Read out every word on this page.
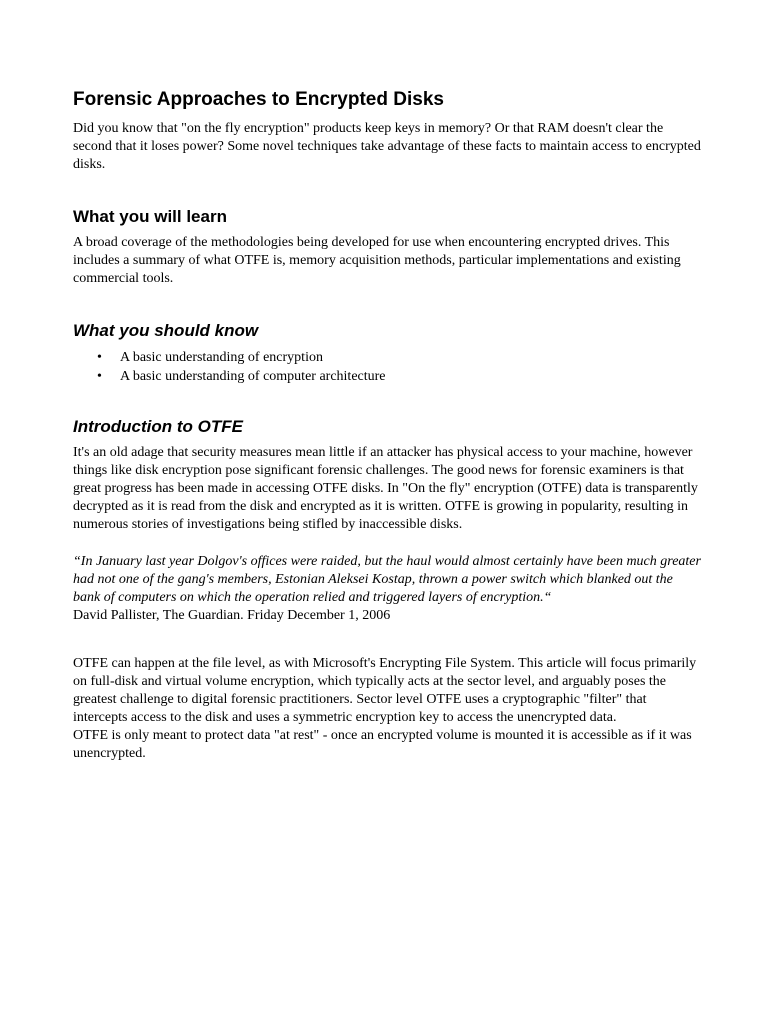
Forensic Approaches to Encrypted Disks

Did you know that "on the fly encryption" products keep keys in memory? Or that RAM doesn't clear the second that it loses power? Some novel techniques take advantage of these facts to maintain access to encrypted disks.

What you will learn

A broad coverage of the methodologies being developed for use when encountering encrypted drives. This includes a summary of what OTFE is, memory acquisition methods, particular implementations and existing commercial tools.

What you should know
• A basic understanding of encryption
• A basic understanding of computer architecture
Introduction to OTFE

It's an old adage that security measures mean little if an attacker has physical access to your machine, however things like disk encryption pose significant forensic challenges. The good news for forensic examiners is that great progress has been made in accessing OTFE disks. In "On the fly" encryption (OTFE) data is transparently decrypted as it is read from the disk and encrypted as it is written. OTFE is growing in popularity, resulting in numerous stories of investigations being stifled by inaccessible disks.

“In January last year Dolgov's offices were raided, but the haul would almost certainly have been much greater had not one of the gang's members, Estonian Aleksei Kostap, thrown a power switch which blanked out the bank of computers on which the operation relied and triggered layers of encryption.“

David Pallister, The Guardian. Friday December 1, 2006

OTFE can happen at the file level, as with Microsoft's Encrypting File System. This article will focus primarily on full-disk and virtual volume encryption, which typically acts at the sector level, and arguably poses the greatest challenge to digital forensic practitioners. Sector level OTFE uses a cryptographic "filter" that intercepts access to the disk and uses a symmetric encryption key to access the unencrypted data.

OTFE is only meant to protect data "at rest" - once an encrypted volume is mounted it is accessible as if it was unencrypted.
